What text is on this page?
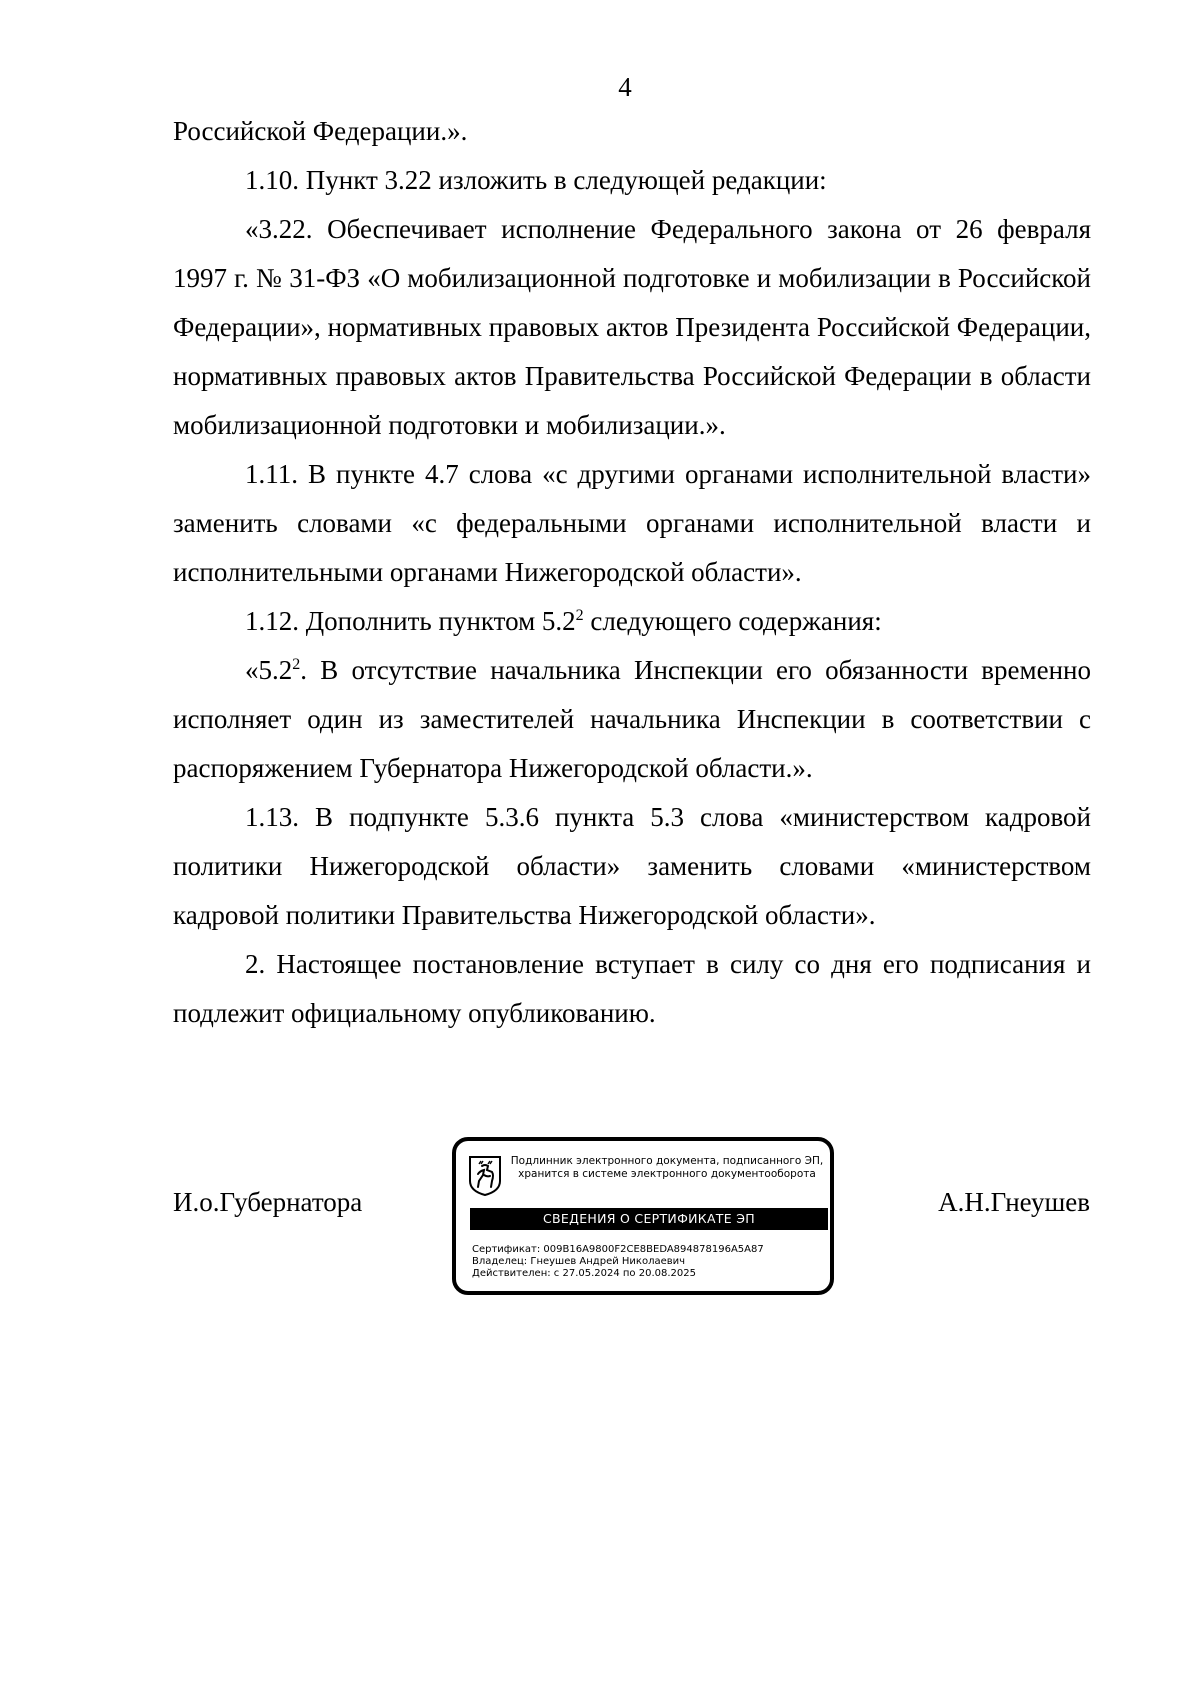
4

Российской Федерации.».

1.10. Пункт 3.22 изложить в следующей редакции:

«3.22. Обеспечивает исполнение Федерального закона от 26 февраля 1997 г. № 31-ФЗ «О мобилизационной подготовке и мобилизации в Российской Федерации», нормативных правовых актов Президента Российской Федерации, нормативных правовых актов Правительства Российской Федерации в области мобилизационной подготовки и мобилизации.».

1.11. В пункте 4.7 слова «с другими органами исполнительной власти» заменить словами «с федеральными органами исполнительной власти и исполнительными органами Нижегородской области».

1.12. Дополнить пунктом $5.2^2$ следующего содержания:

«$5.2^2$. В отсутствие начальника Инспекции его обязанности временно исполняет один из заместителей начальника Инспекции в соответствии с распоряжением Губернатора Нижегородской области.».

1.13. В подпункте 5.3.6 пункта 5.3 слова «министерством кадровой политики Нижегородской области» заменить словами «министерством кадровой политики Правительства Нижегородской области».

2. Настоящее постановление вступает в силу со дня его подписания и подлежит официальному опубликованию.

И.о.Губернатора	А.Н.Гнеушев
Подлинник электронного документа, подписанного ЭП,
хранится в системе электронного документооборота
СВЕДЕНИЯ О СЕРТИФИКАТЕ ЭП
Сертификат: 009B16A9800F2CE8BEDA894878196A5A87
Владелец: Гнеушев Андрей Николаевич
Действителен: с 27.05.2024 по 20.08.2025
